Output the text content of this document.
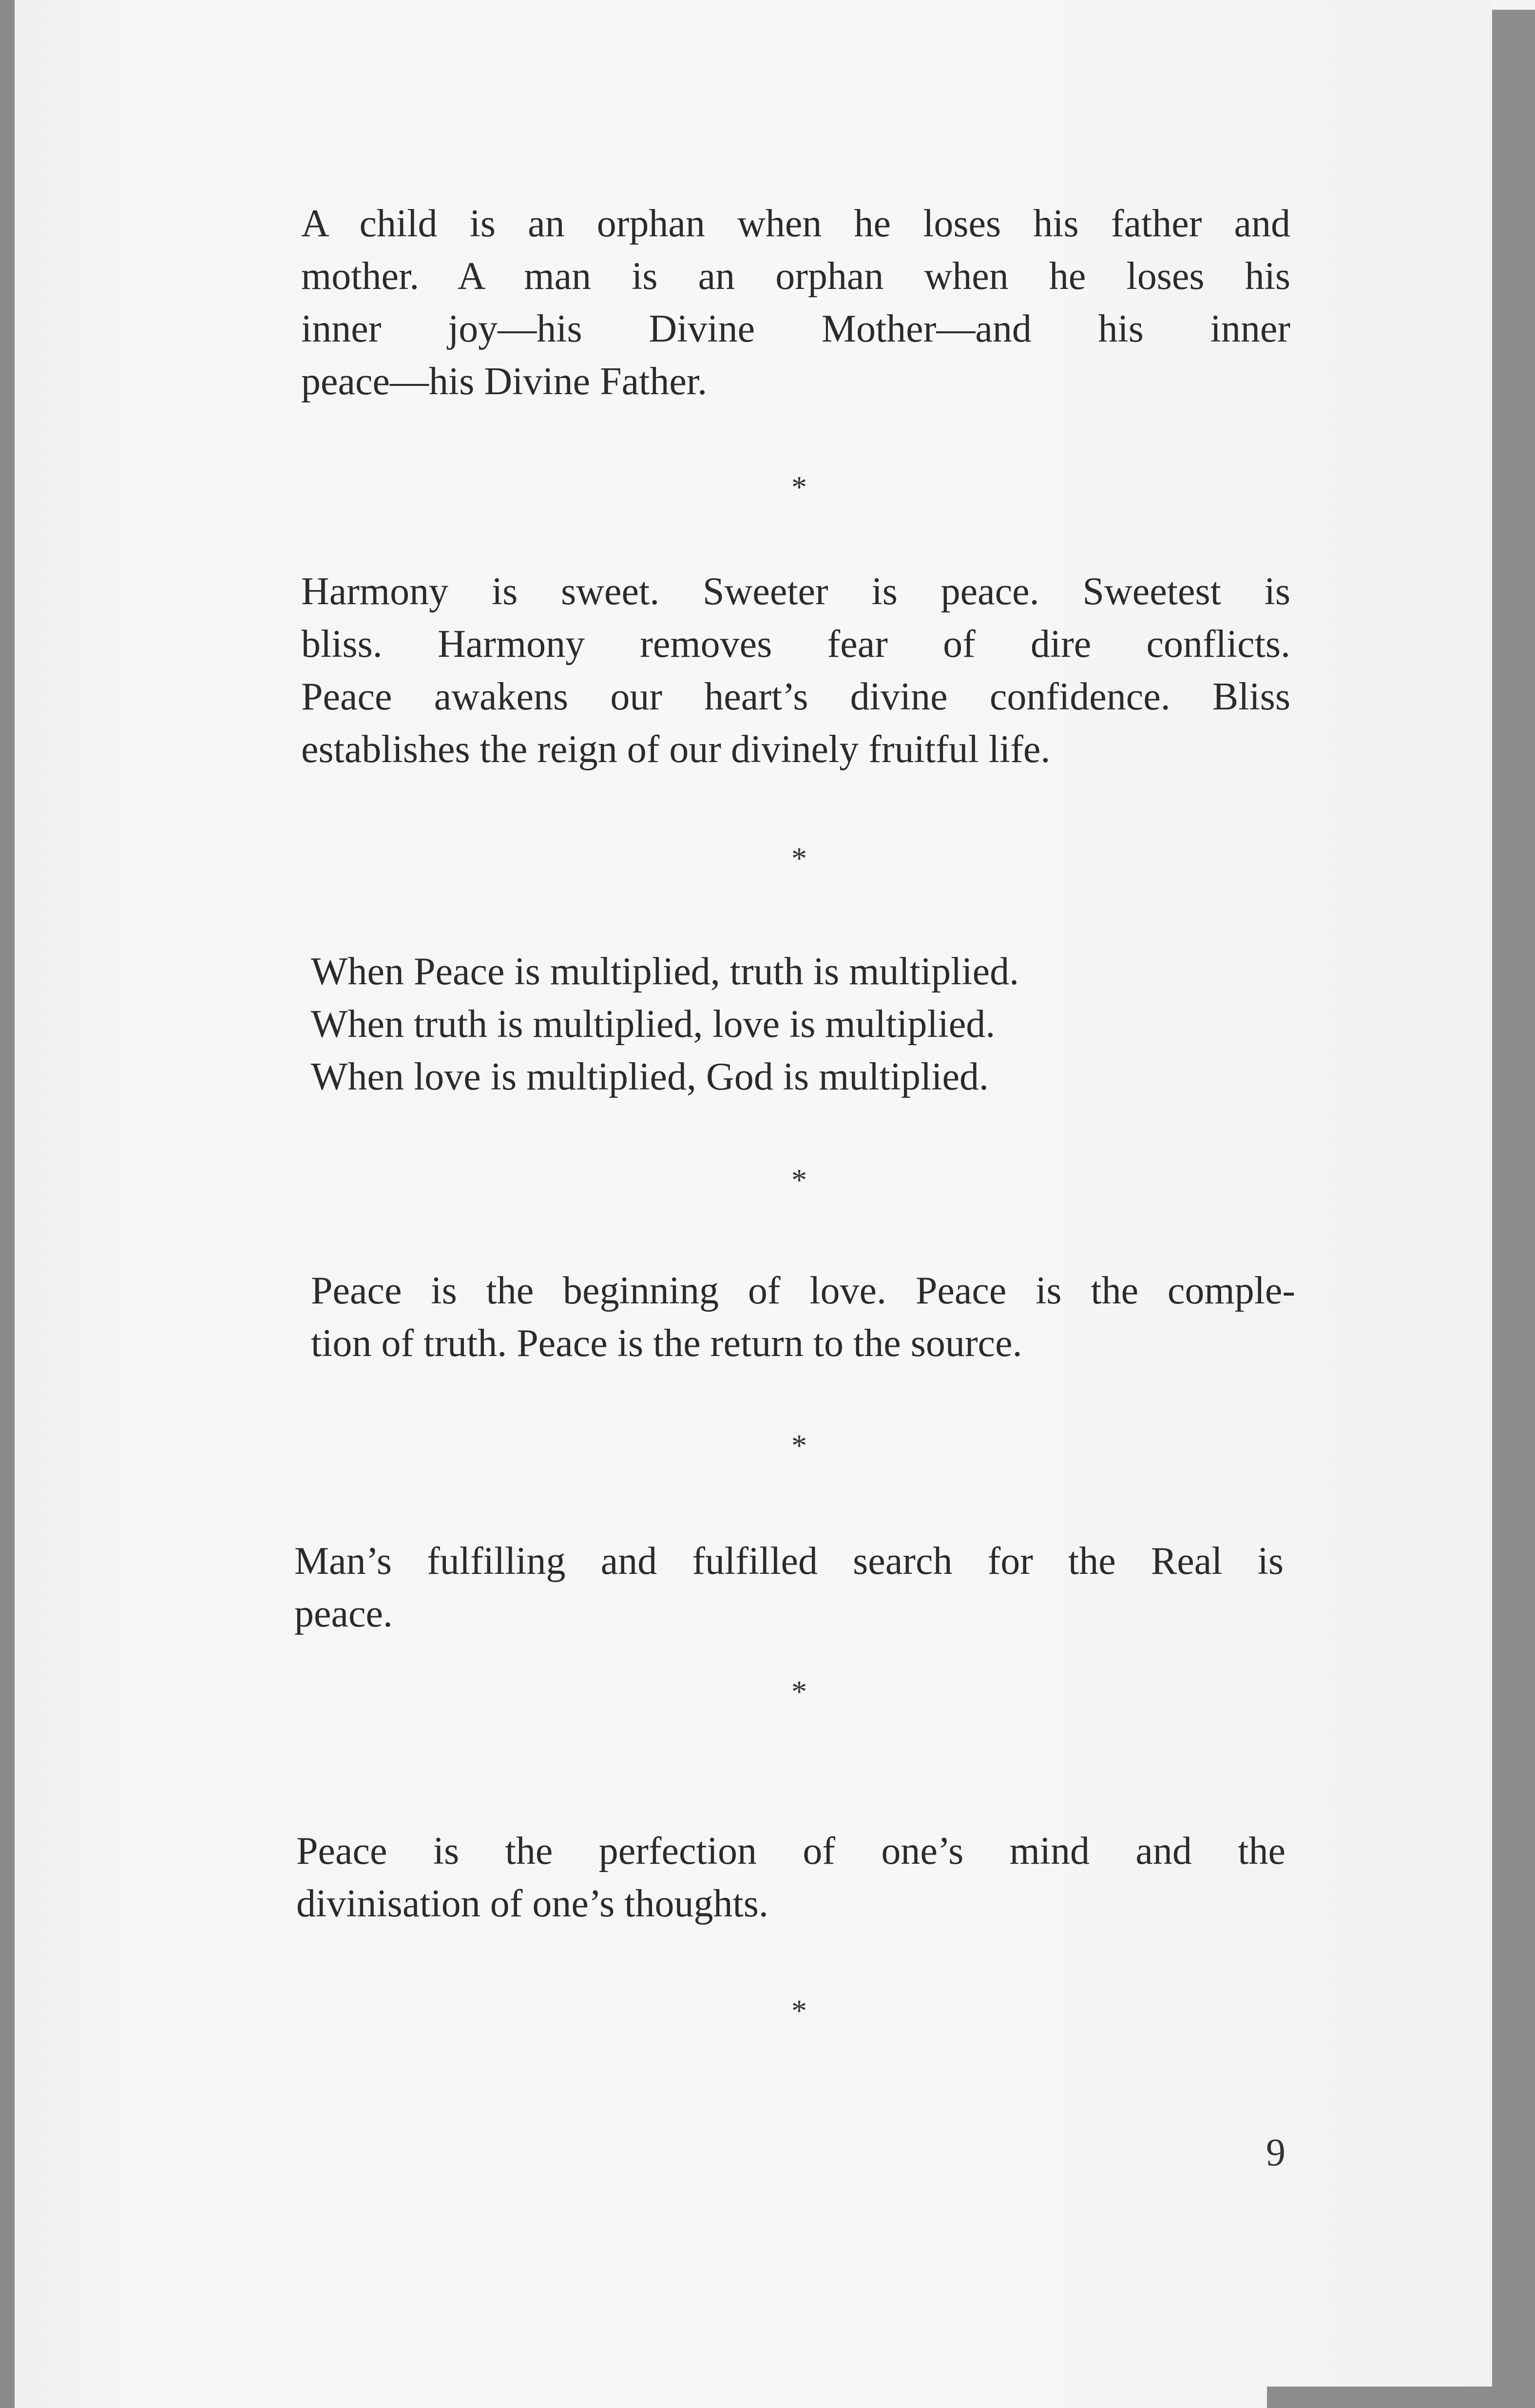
A child is an orphan when he loses his father and
mother. A man is an orphan when he loses his
inner joy—his Divine Mother—and his inner
peace—his Divine Father.
*
Harmony is sweet. Sweeter is peace. Sweetest is
bliss. Harmony removes fear of dire conflicts.
Peace awakens our heart’s divine confidence. Bliss
establishes the reign of our divinely fruitful life.
*
When Peace is multiplied, truth is multiplied.
When truth is multiplied, love is multiplied.
When love is multiplied, God is multiplied.
*
Peace is the beginning of love. Peace is the comple-
tion of truth. Peace is the return to the source.
*
Man’s fulfilling and fulfilled search for the Real is
peace.
*
Peace is the perfection of one’s mind and the
divinisation of one’s thoughts.
*
9
